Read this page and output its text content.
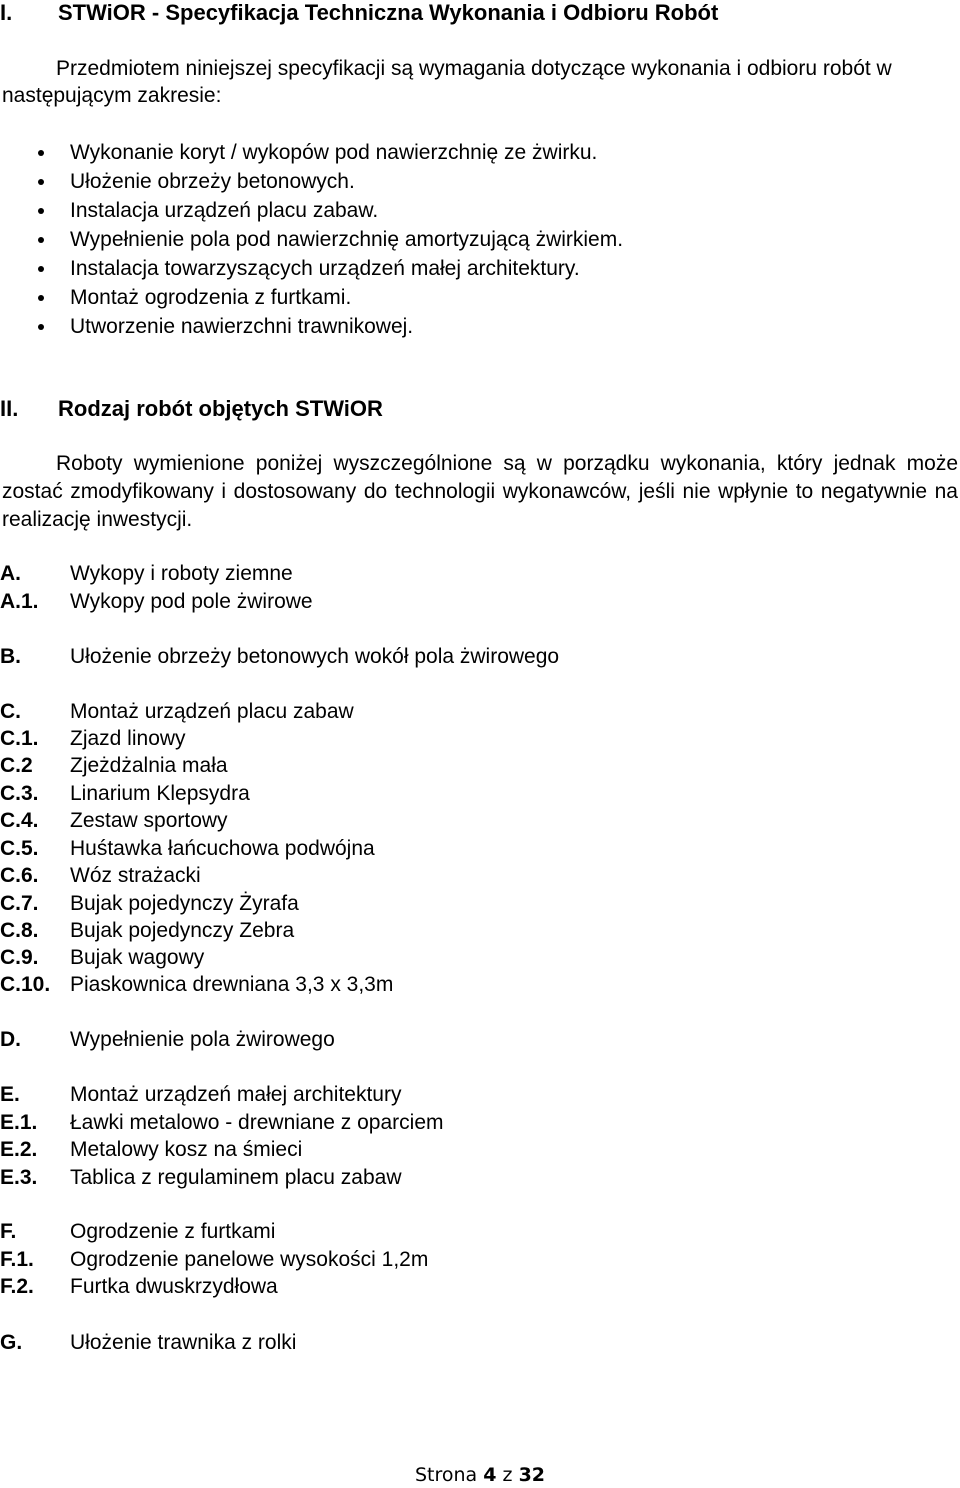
I. STWiOR - Specyfikacja Techniczna Wykonania i Odbioru Robót
Przedmiotem niniejszej specyfikacji są wymagania dotyczące wykonania i odbioru robót w następującym zakresie:
Wykonanie koryt / wykopów pod nawierzchnię ze żwirku.
Ułożenie obrzeży betonowych.
Instalacja urządzeń placu zabaw.
Wypełnienie pola pod nawierzchnię amortyzującą żwirkiem.
Instalacja towarzyszących urządzeń małej architektury.
Montaż ogrodzenia z furtkami.
Utworzenie nawierzchni trawnikowej.
II. Rodzaj robót objętych STWiOR
Roboty wymienione poniżej wyszczególnione są w porządku wykonania, który jednak może zostać zmodyfikowany i dostosowany do technologii wykonawców, jeśli nie wpłynie to negatywnie na realizację inwestycji.
A.	Wykopy i roboty ziemne
A.1.	Wykopy pod pole żwirowe
B.	Ułożenie obrzeży betonowych wokół pola żwirowego
C.	Montaż urządzeń placu zabaw
C.1.	Zjazd linowy
C.2	Zjeżdżalnia mała
C.3.	Linarium Klepsydra
C.4.	Zestaw sportowy
C.5.	Huśtawka łańcuchowa podwójna
C.6.	Wóz strażacki
C.7.	Bujak pojedynczy Żyrafa
C.8.	Bujak pojedynczy Zebra
C.9.	Bujak wagowy
C.10. Piaskownica drewniana 3,3 x 3,3m
D.	Wypełnienie pola żwirowego
E.	Montaż urządzeń małej architektury
E.1.	Ławki metalowo - drewniane z oparciem
E.2.	Metalowy kosz na śmieci
E.3.	Tablica z regulaminem placu zabaw
F.	Ogrodzenie z furtkami
F.1.	Ogrodzenie panelowe wysokości 1,2m
F.2.	Furtka dwuskrzydłowa
G.	Ułożenie trawnika z rolki
Strona 4 z 32
